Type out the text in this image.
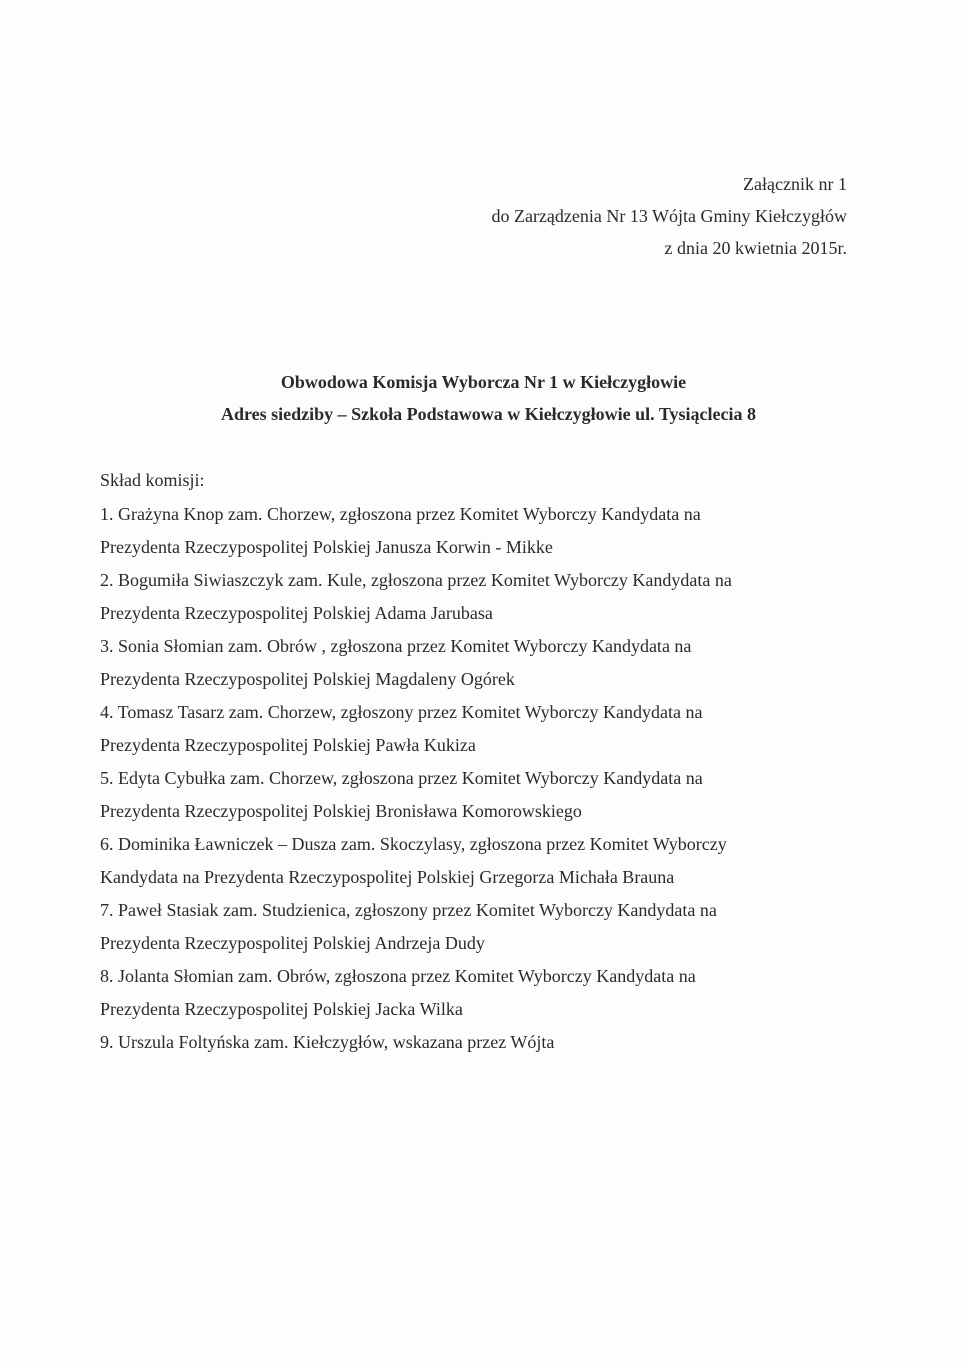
Załącznik nr 1
do Zarządzenia Nr 13 Wójta Gminy Kiełczygłów
z dnia 20 kwietnia 2015r.
Obwodowa Komisja Wyborcza Nr 1 w Kiełczygłowie
Adres siedziby – Szkoła Podstawowa w Kiełczygłowie ul. Tysiąclecia 8
Skład komisji:
1. Grażyna Knop zam. Chorzew, zgłoszona przez Komitet Wyborczy Kandydata na
Prezydenta Rzeczypospolitej Polskiej Janusza Korwin - Mikke
2. Bogumiła Siwiaszczyk zam. Kule, zgłoszona przez Komitet Wyborczy Kandydata na
Prezydenta Rzeczypospolitej Polskiej Adama Jarubasa
3. Sonia Słomian zam. Obrów , zgłoszona przez Komitet Wyborczy Kandydata na
Prezydenta Rzeczypospolitej Polskiej Magdaleny Ogórek
4. Tomasz Tasarz zam. Chorzew, zgłoszony przez Komitet Wyborczy Kandydata na
Prezydenta Rzeczypospolitej Polskiej Pawła Kukiza
5. Edyta Cybułka zam. Chorzew, zgłoszona przez Komitet Wyborczy Kandydata na
Prezydenta Rzeczypospolitej Polskiej Bronisława Komorowskiego
6. Dominika Ławniczek – Dusza zam. Skoczylasy, zgłoszona przez Komitet Wyborczy
Kandydata na Prezydenta Rzeczypospolitej Polskiej Grzegorza Michała Brauna
7. Paweł Stasiak zam. Studzienica, zgłoszony przez Komitet Wyborczy Kandydata na
Prezydenta Rzeczypospolitej Polskiej Andrzeja Dudy
8. Jolanta Słomian zam. Obrów, zgłoszona przez Komitet Wyborczy Kandydata na
Prezydenta Rzeczypospolitej Polskiej Jacka Wilka
9. Urszula Foltyńska zam. Kiełczygłów, wskazana przez Wójta
